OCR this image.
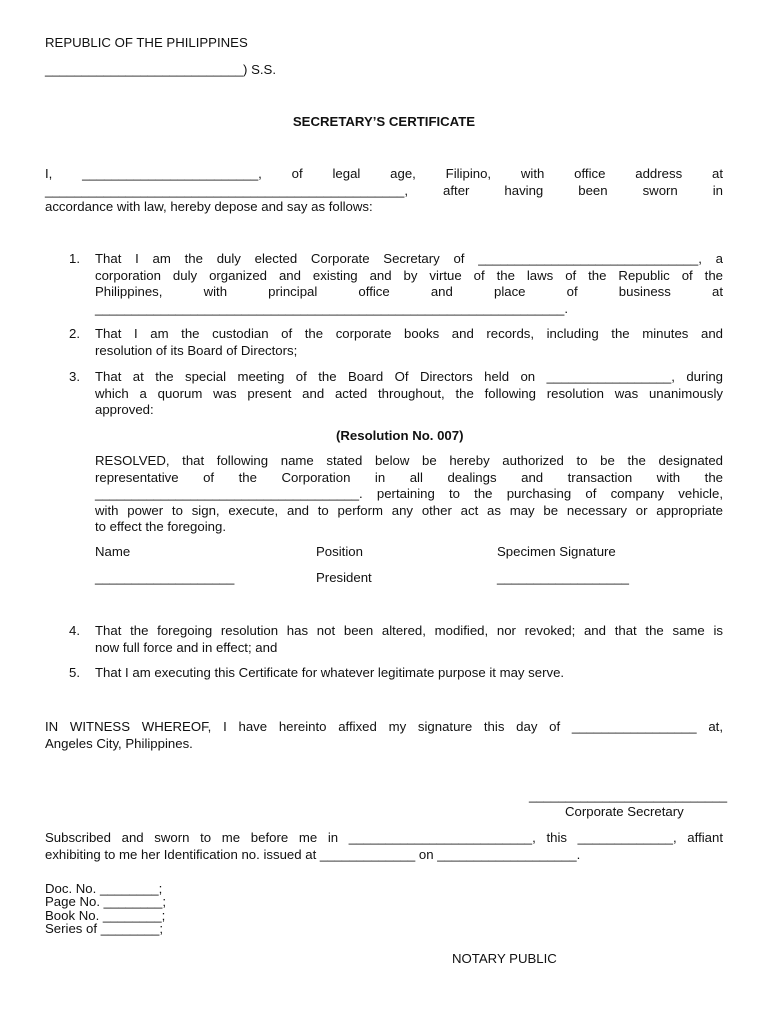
REPUBLIC OF THE PHILIPPINES
___________________________) S.S.
SECRETARY’S CERTIFICATE

I, ________________________, of legal age, Filipino, with office address at

_________________________________________________, after having been sworn in

accordance with law, hereby depose and say as follows:

1.	That I am the duly elected Corporate Secretary of ______________________________, a

corporation duly organized and existing and by virtue of the laws of the Republic of the

Philippines, with principal office and place of business at

________________________________________________________________.

2.	That I am the custodian of the corporate books and records, including the minutes and

resolution of its Board of Directors;

3.	That at the special meeting of the Board Of Directors held on _________________, during

which a quorum was present and acted throughout, the following resolution was unanimously

approved:

(Resolution No. 007)

RESOLVED, that following name stated below be hereby authorized to be the designated

representative of the Corporation in all dealings and transaction with the

____________________________________. pertaining to the purchasing of company vehicle,

with power to sign, execute, and to perform any other act as may be necessary or appropriate

to effect the foregoing.

Name	Position	Specimen Signature
___________________	President	__________________
4.	That the foregoing resolution has not been altered, modified, nor revoked; and that the same is

now full force and in effect; and

5.	That I am executing this Certificate for whatever legitimate purpose it may serve.

IN WITNESS WHEREOF, I have hereinto affixed my signature this day of _________________ at,

Angeles City, Philippines.

___________________________
Corporate Secretary

Subscribed and sworn to me before me in _________________________, this _____________, affiant

exhibiting to me her Identification no. issued at _____________ on ___________________.

Doc. No. ________;
Page No. ________;
Book No. ________;
Series of ________;
NOTARY PUBLIC
